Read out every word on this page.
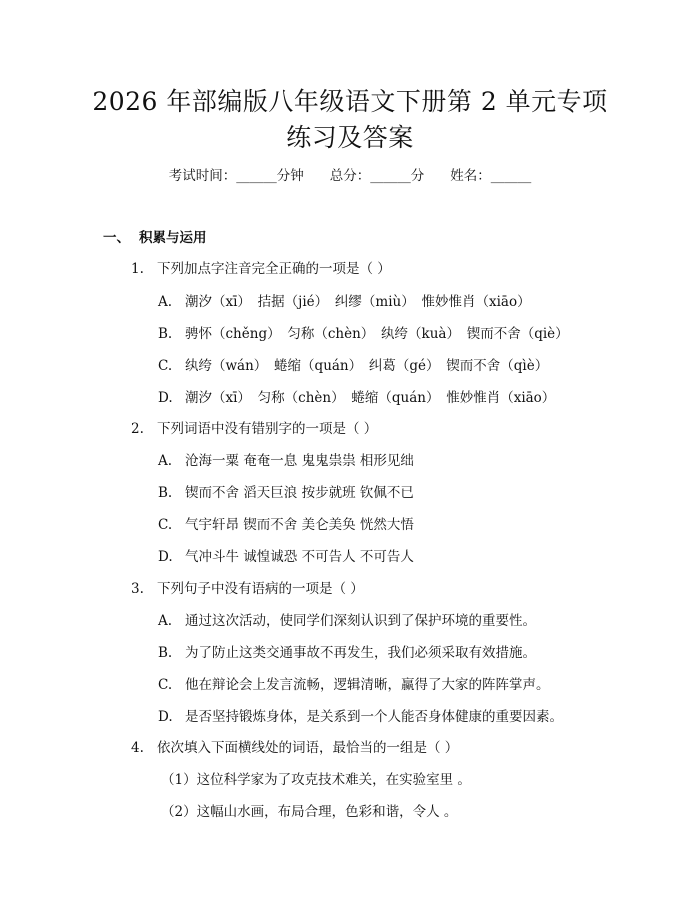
2026 年部编版八年级语文下册第 2 单元专项
练习及答案
考试时间：______分钟 总分：______分 姓名：______
一、 积累与运用
1. 下列加点字注音完全正确的一项是（ ）
A. 潮汐（xī）　拮据（jié）　纠缪（miù）　惟妙惟肖（xiāo）
B. 骋怀（chěng）　匀称（chèn）　纨绔（kuà）　锲而不舍（qiè）
C. 纨绔（wán）　蜷缩（quán）　纠葛（gé）　锲而不舍（qìè）
D. 潮汐（xī）　匀称（chèn）　蜷缩（quán）　惟妙惟肖（xiāo）
2. 下列词语中没有错别字的一项是（ ）
A. 沧海一粟 奄奄一息 鬼鬼祟祟 相形见绌
B. 锲而不舍 滔天巨浪 按步就班 钦佩不已
C. 气宇轩昂 锲而不舍 美仑美奂 恍然大悟
D. 气冲斗牛 诚惶诚恐 不可告人 不可告人
3. 下列句子中没有语病的一项是（ ）
A. 通过这次活动，使同学们深刻认识到了保护环境的重要性。
B. 为了防止这类交通事故不再发生，我们必须采取有效措施。
C. 他在辩论会上发言流畅，逻辑清晰，赢得了大家的阵阵掌声。
D. 是否坚持锻炼身体，是关系到一个人能否身体健康的重要因素。
4. 依次填入下面横线处的词语，最恰当的一组是（ ）
（1）这位科学家为了攻克技术难关，在实验室里 。
（2）这幅山水画，布局合理，色彩和谐，令人 。
